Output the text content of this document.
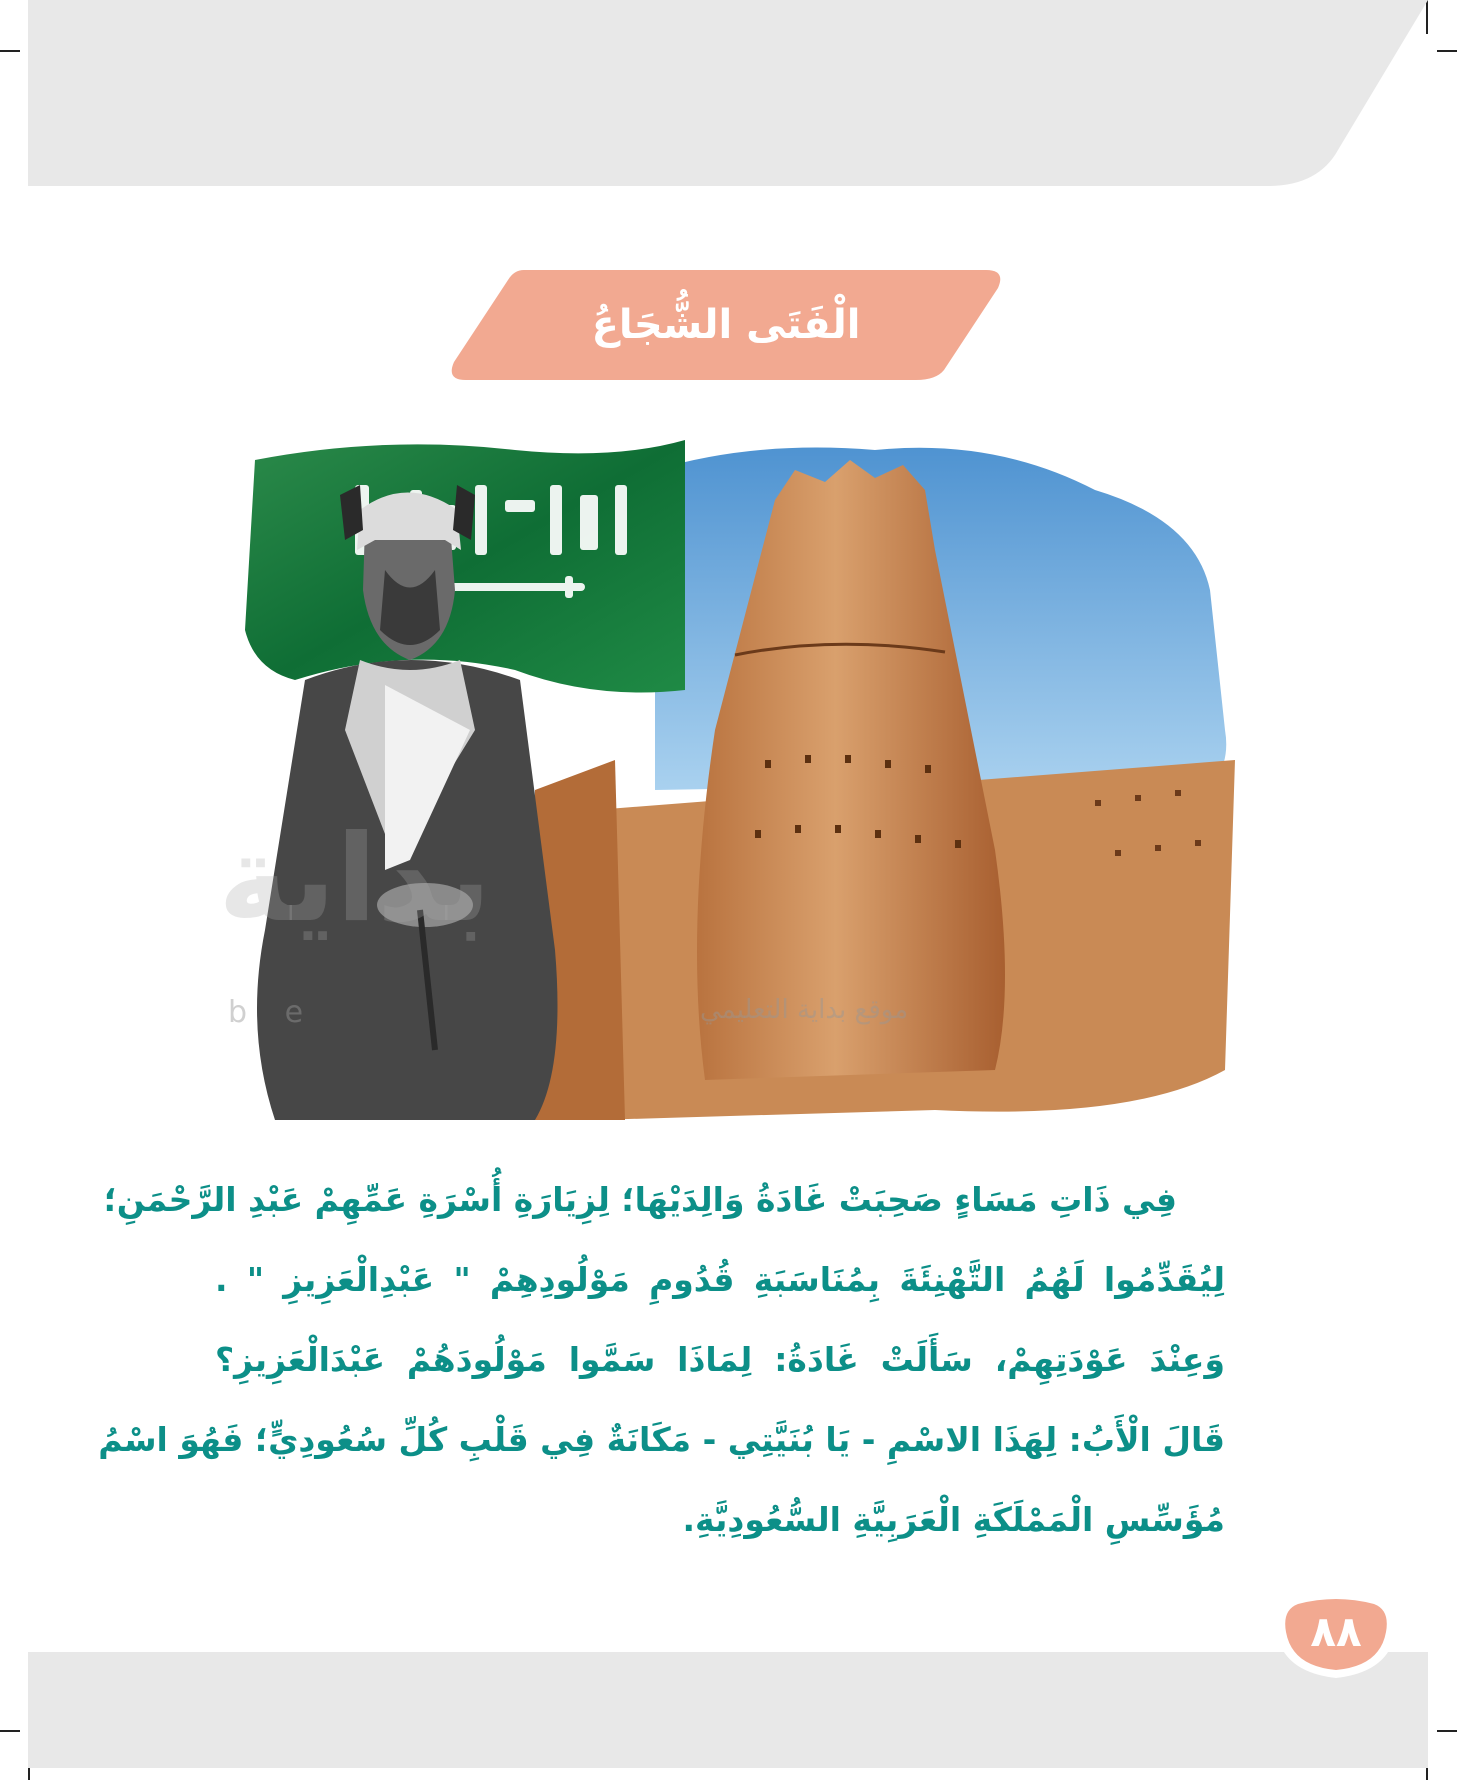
الْفَتَى الشُّجَاعُ
بداية
b e	موقع بداية التعليمي
فِي ذَاتِ مَسَاءٍ صَحِبَتْ غَادَةُ وَالِدَيْهَا؛ لِزِيَارَةِ أُسْرَةِ عَمِّهِمْ عَبْدِ الرَّحْمَنِ؛
لِيُقَدِّمُوا لَهُمُ التَّهْنِئَةَ بِمُنَاسَبَةِ قُدُومِ مَوْلُودِهِمْ " عَبْدِالْعَزِيزِ " .
وَعِنْدَ عَوْدَتِهِمْ، سَأَلَتْ غَادَةُ: لِمَاذَا سَمَّوا مَوْلُودَهُمْ عَبْدَالْعَزِيزِ؟
قَالَ الْأَبُ: لِهَذَا الاسْمِ - يَا بُنَيَّتِي - مَكَانَةٌ فِي قَلْبِ كُلِّ سُعُودِيٍّ؛ فَهُوَ اسْمُ
مُؤَسِّسِ الْمَمْلَكَةِ الْعَرَبِيَّةِ السُّعُودِيَّةِ.
٨٨
